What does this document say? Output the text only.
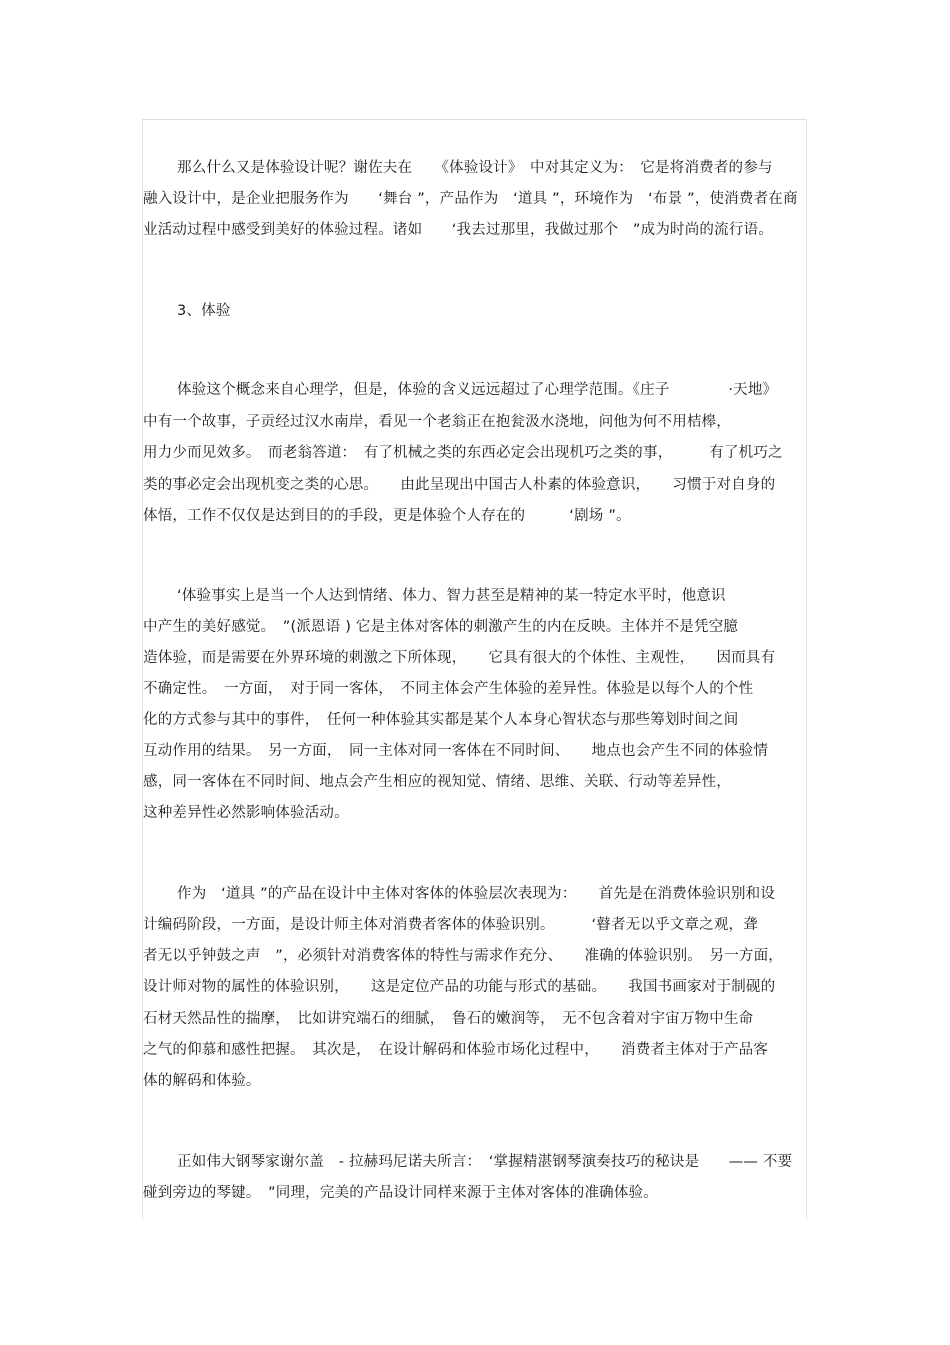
那么什么又是体验设计呢？谢佐夫在　　《体验设计》　中对其定义为：　它是将消费者的参与
融入设计中，是企业把服务作为　　‘舞台 ”，产品作为　‘道具 ”，环境作为　‘布景 ”，使消费者在商
业活动过程中感受到美好的体验过程。诸如　　‘我去过那里，我做过那个　”成为时尚的流行语。
3、体验
体验这个概念来自心理学，但是，体验的含义远远超过了心理学范围。《庄子　　　　·天地》
中有一个故事，子贡经过汉水南岸，看见一个老翁正在抱瓮汲水浇地，问他为何不用桔槔，
用力少而见效多。　而老翁答道：　有了机械之类的东西必定会出现机巧之类的事，　　　有了机巧之
类的事必定会出现机变之类的心思。　　由此呈现出中国古人朴素的体验意识，　　习惯于对自身的
体悟，工作不仅仅是达到目的的手段，更是体验个人存在的　　　‘剧场 ”。
‘体验事实上是当一个人达到情绪、体力、智力甚至是精神的某一特定水平时，他意识
中产生的美好感觉。　”(派恩语 ) 它是主体对客体的刺激产生的内在反映。主体并不是凭空臆
造体验，而是需要在外界环境的刺激之下所体现，　　它具有很大的个体性、主观性，　　因而具有
不确定性。　一方面，　对于同一客体，　不同主体会产生体验的差异性。体验是以每个人的个性
化的方式参与其中的事件，　任何一种体验其实都是某个人本身心智状态与那些筹划时间之间
互动作用的结果。　另一方面，　同一主体对同一客体在不同时间、　　地点也会产生不同的体验情
感，同一客体在不同时间、地点会产生相应的视知觉、情绪、思维、关联、行动等差异性，
这种差异性必然影响体验活动。
作为　‘道具 ”的产品在设计中主体对客体的体验层次表现为：　　首先是在消费体验识别和设
计编码阶段，一方面，是设计师主体对消费者客体的体验识别。　　　‘瞽者无以乎文章之观，聋
者无以乎钟鼓之声　”，必须针对消费客体的特性与需求作充分、　　准确的体验识别。　另一方面，
设计师对物的属性的体验识别，　　这是定位产品的功能与形式的基础。　　我国书画家对于制砚的
石材天然品性的揣摩，　比如讲究端石的细腻，　鲁石的嫩润等，　无不包含着对宇宙万物中生命
之气的仰慕和感性把握。　其次是，　在设计解码和体验市场化过程中，　　消费者主体对于产品客
体的解码和体验。
正如伟大钢琴家谢尔盖　- 拉赫玛尼诺夫所言：　‘掌握精湛钢琴演奏技巧的秘诀是　　—— 不要
碰到旁边的琴键。　”同理，完美的产品设计同样来源于主体对客体的准确体验。
